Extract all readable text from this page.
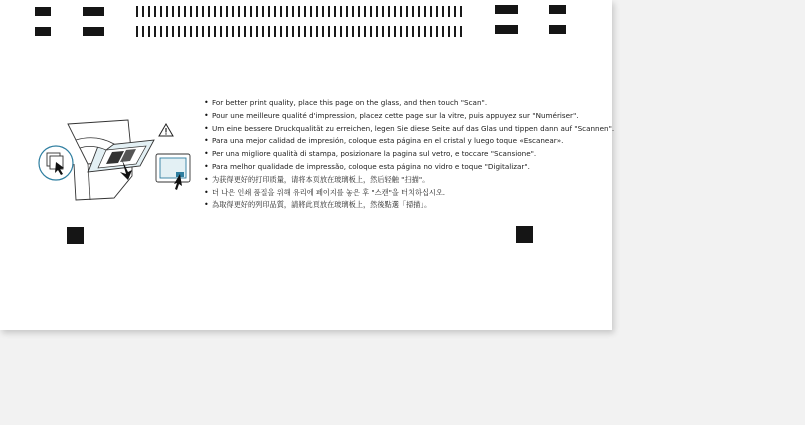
• For better print quality, place this page on the glass, and then touch "Scan".
• Pour une meilleure qualité d'impression, placez cette page sur la vitre, puis appuyez sur "Numériser".
• Um eine bessere Druckqualität zu erreichen, legen Sie diese Seite auf das Glas und tippen dann auf "Scannen".
• Para una mejor calidad de impresión, coloque esta página en el cristal y luego toque «Escanear».
• Per una migliore qualità di stampa, posizionare la pagina sul vetro, e toccare "Scansione".
• Para melhor qualidade de impressão, coloque esta página no vidro e toque "Digitalizar".
• 为获得更好的打印质量，请将本页放在玻璃板上，然后轻触 "扫描"。
• 더 나은 인쇄 품질을 위해 유리에 페이지를 놓은 후 "스캔"을 터치하십시오.
• 為取得更好的列印品質，請將此頁放在玻璃板上，然後點選「掃描」。
